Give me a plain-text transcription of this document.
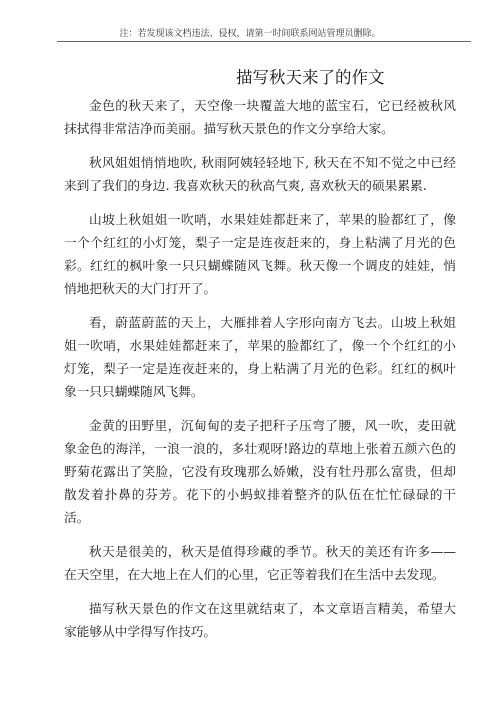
注：若发现该文档违法、侵权，请第一时间联系网站管理员删除。
描写秋天来了的作文

金色的秋天来了，天空像一块覆盖大地的蓝宝石，它已经被秋风抹拭得非常洁净而美丽。描写秋天景色的作文分享给大家。

秋风姐姐悄悄地吹, 秋雨阿姨轻轻地下, 秋天在不知不觉之中已经来到了我们的身边. 我喜欢秋天的秋高气爽, 喜欢秋天的硕果累累.

山坡上秋姐姐一吹哨，水果娃娃都赶来了，苹果的脸都红了，像一个个红红的小灯笼，梨子一定是连夜赶来的，身上粘满了月光的色彩。红红的枫叶象一只只蝴蝶随风飞舞。秋天像一个调皮的娃娃，悄悄地把秋天的大门打开了。

看，蔚蓝蔚蓝的天上，大雁排着人字形向南方飞去。山坡上秋姐姐一吹哨，水果娃娃都赶来了，苹果的脸都红了，像一个个红红的小灯笼，梨子一定是连夜赶来的，身上粘满了月光的色彩。红红的枫叶象一只只蝴蝶随风飞舞。

金黄的田野里，沉甸甸的麦子把秆子压弯了腰，风一吹，麦田就象金色的海洋，一浪一浪的，多壮观呀!路边的草地上张着五颜六色的野菊花露出了笑脸，它没有玫瑰那么娇嫩，没有牡丹那么富贵，但却散发着扑鼻的芬芳。花下的小蚂蚁排着整齐的队伍在忙忙碌碌的干活。

秋天是很美的，秋天是值得珍藏的季节。秋天的美还有许多——在天空里，在大地上在人们的心里，它正等着我们在生活中去发现。

描写秋天景色的作文在这里就结束了，本文章语言精美，希望大家能够从中学得写作技巧。
